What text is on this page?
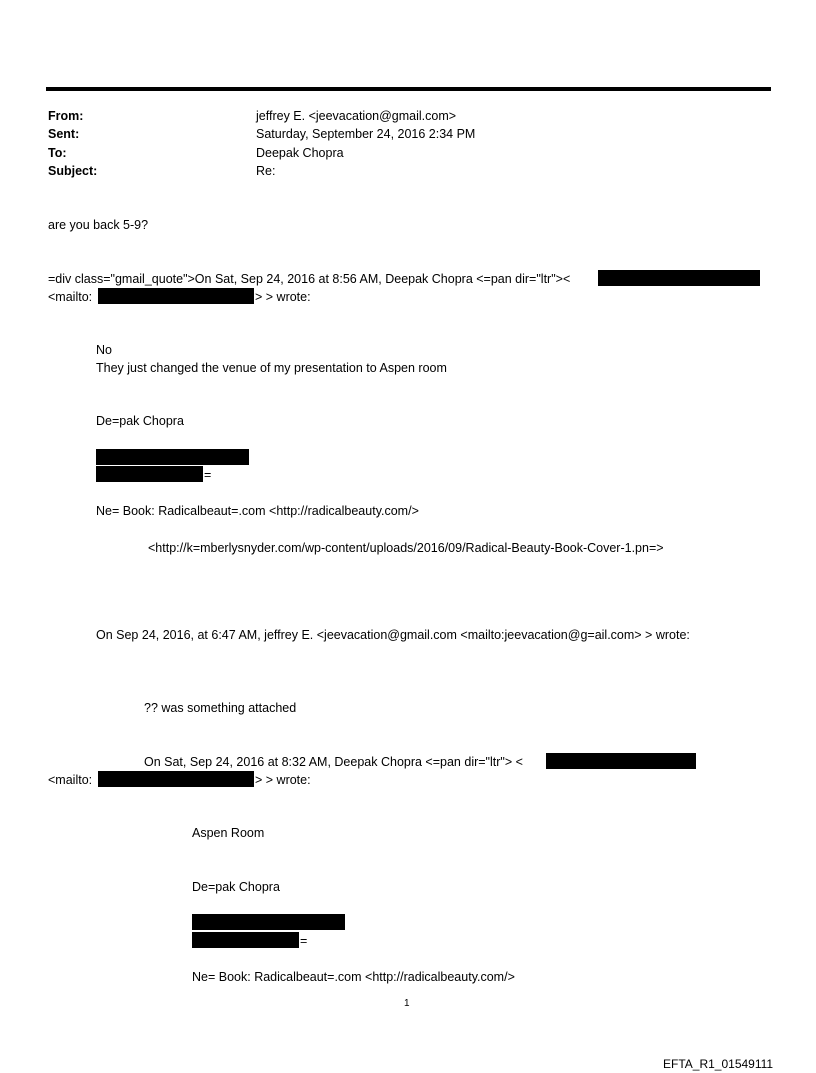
From:	jeffrey E. <jeevacation@gmail.com>
Sent:	Saturday, September 24, 2016 2:34 PM
To:	Deepak Chopra
Subject:	Re:
are you back 5-9?
=div class="gmail_quote">On Sat, Sep 24, 2016 at 8:56 AM, Deepak Chopra <=pan dir="ltr"><
<mailto:	> > wrote:
No
They just changed the venue of my presentation to Aspen room
De=pak Chopra
=
Ne= Book: Radicalbeaut=.com <http://radicalbeauty.com/>
<http://k=mberlysnyder.com/wp-content/uploads/2016/09/Radical-Beauty-Book-Cover-1.pn=>
On Sep 24, 2016, at 6:47 AM, jeffrey E. <jeevacation@gmail.com <mailto:jeevacation@g=ail.com> > wrote:
?? was something attached
On Sat, Sep 24, 2016 at 8:32 AM, Deepak Chopra <=pan dir="ltr"> <
<mailto:	> > wrote:
Aspen Room
De=pak Chopra
=
Ne= Book: Radicalbeaut=.com <http://radicalbeauty.com/>
1
EFTA_R1_01549111
